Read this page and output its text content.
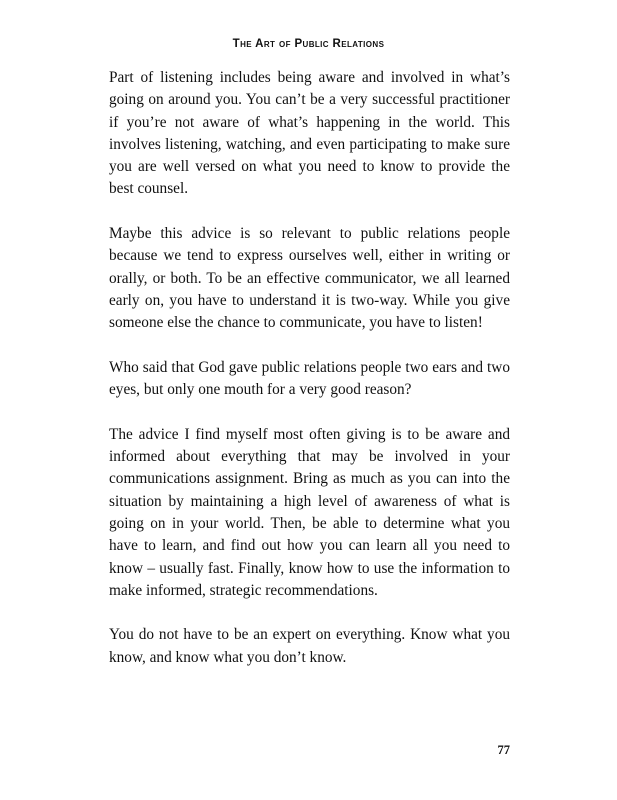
The Art of Public Relations

Part of listening includes being aware and involved in what’s going on around you. You can’t be a very successful practitioner if you’re not aware of what’s happening in the world. This involves listening, watching, and even participating to make sure you are well versed on what you need to know to provide the best counsel.

Maybe this advice is so relevant to public relations people because we tend to express ourselves well, either in writing or orally, or both. To be an effective communicator, we all learned early on, you have to understand it is two-way. While you give someone else the chance to communicate, you have to listen!

Who said that God gave public relations people two ears and two eyes, but only one mouth for a very good reason?

The advice I find myself most often giving is to be aware and informed about everything that may be involved in your communications assignment. Bring as much as you can into the situation by maintaining a high level of awareness of what is going on in your world. Then, be able to determine what you have to learn, and find out how you can learn all you need to know – usually fast. Finally, know how to use the information to make informed, strategic recommendations.

You do not have to be an expert on everything. Know what you know, and know what you don’t know.

77
